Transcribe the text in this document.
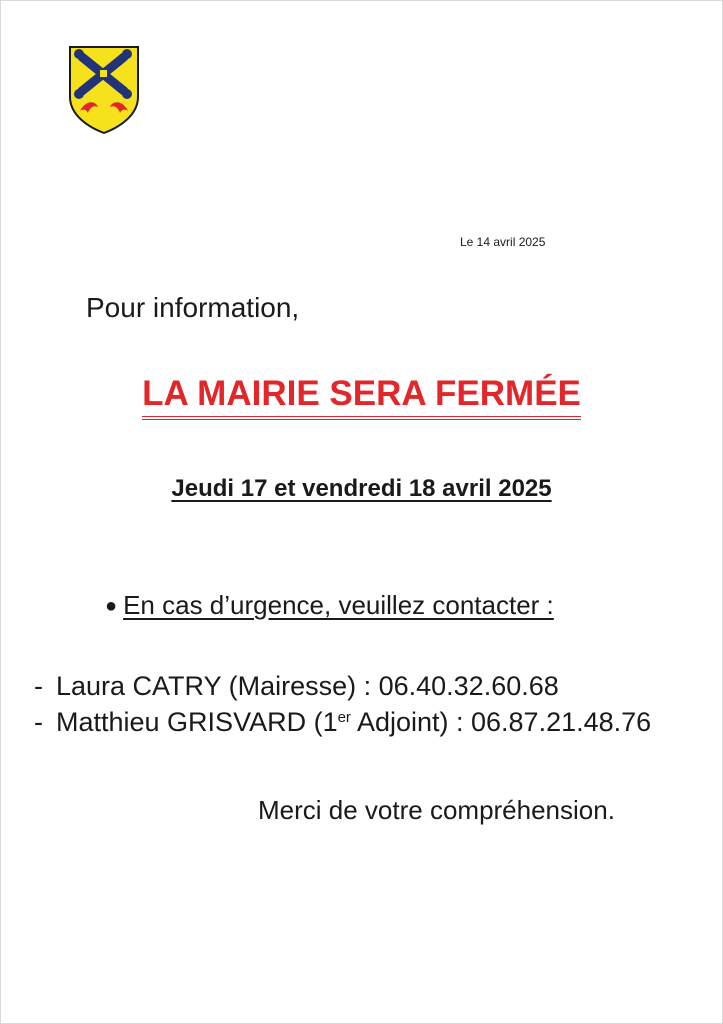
Le 14 avril 2025
Pour information,
LA MAIRIE SERA FERMÉE
Jeudi 17 et vendredi 18 avril 2025
● En cas d’urgence, veuillez contacter :
- Laura CATRY (Mairesse) : 06.40.32.60.68
- Matthieu GRISVARD (1er Adjoint) : 06.87.21.48.76
Merci de votre compréhension.
